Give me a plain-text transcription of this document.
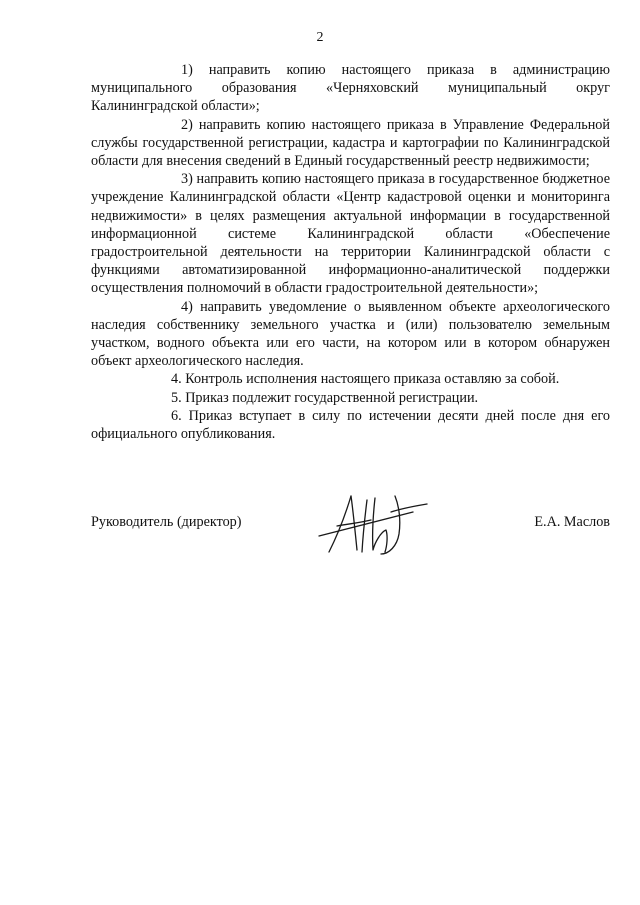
2

1) направить копию настоящего приказа в администрацию муниципального образования «Черняховский муниципальный округ Калининградской области»;

2) направить копию настоящего приказа в Управление Федеральной службы государственной регистрации, кадастра и картографии по Калининградской области для внесения сведений в Единый государственный реестр недвижимости;

3) направить копию настоящего приказа в государственное бюджетное учреждение Калининградской области «Центр кадастровой оценки и мониторинга недвижимости» в целях размещения актуальной информации в государственной информационной системе Калининградской области «Обеспечение градостроительной деятельности на территории Калининградской области с функциями автоматизированной информационно-аналитической поддержки осуществления полномочий в области градостроительной деятельности»;

4) направить уведомление о выявленном объекте археологического наследия собственнику земельного участка и (или) пользователю земельным участком, водного объекта или его части, на котором или в котором обнаружен объект археологического наследия.

4. Контроль исполнения настоящего приказа оставляю за собой.

5. Приказ подлежит государственной регистрации.

6. Приказ вступает в силу по истечении десяти дней после дня его официального опубликования.

Руководитель (директор)	Е.А. Маслов
